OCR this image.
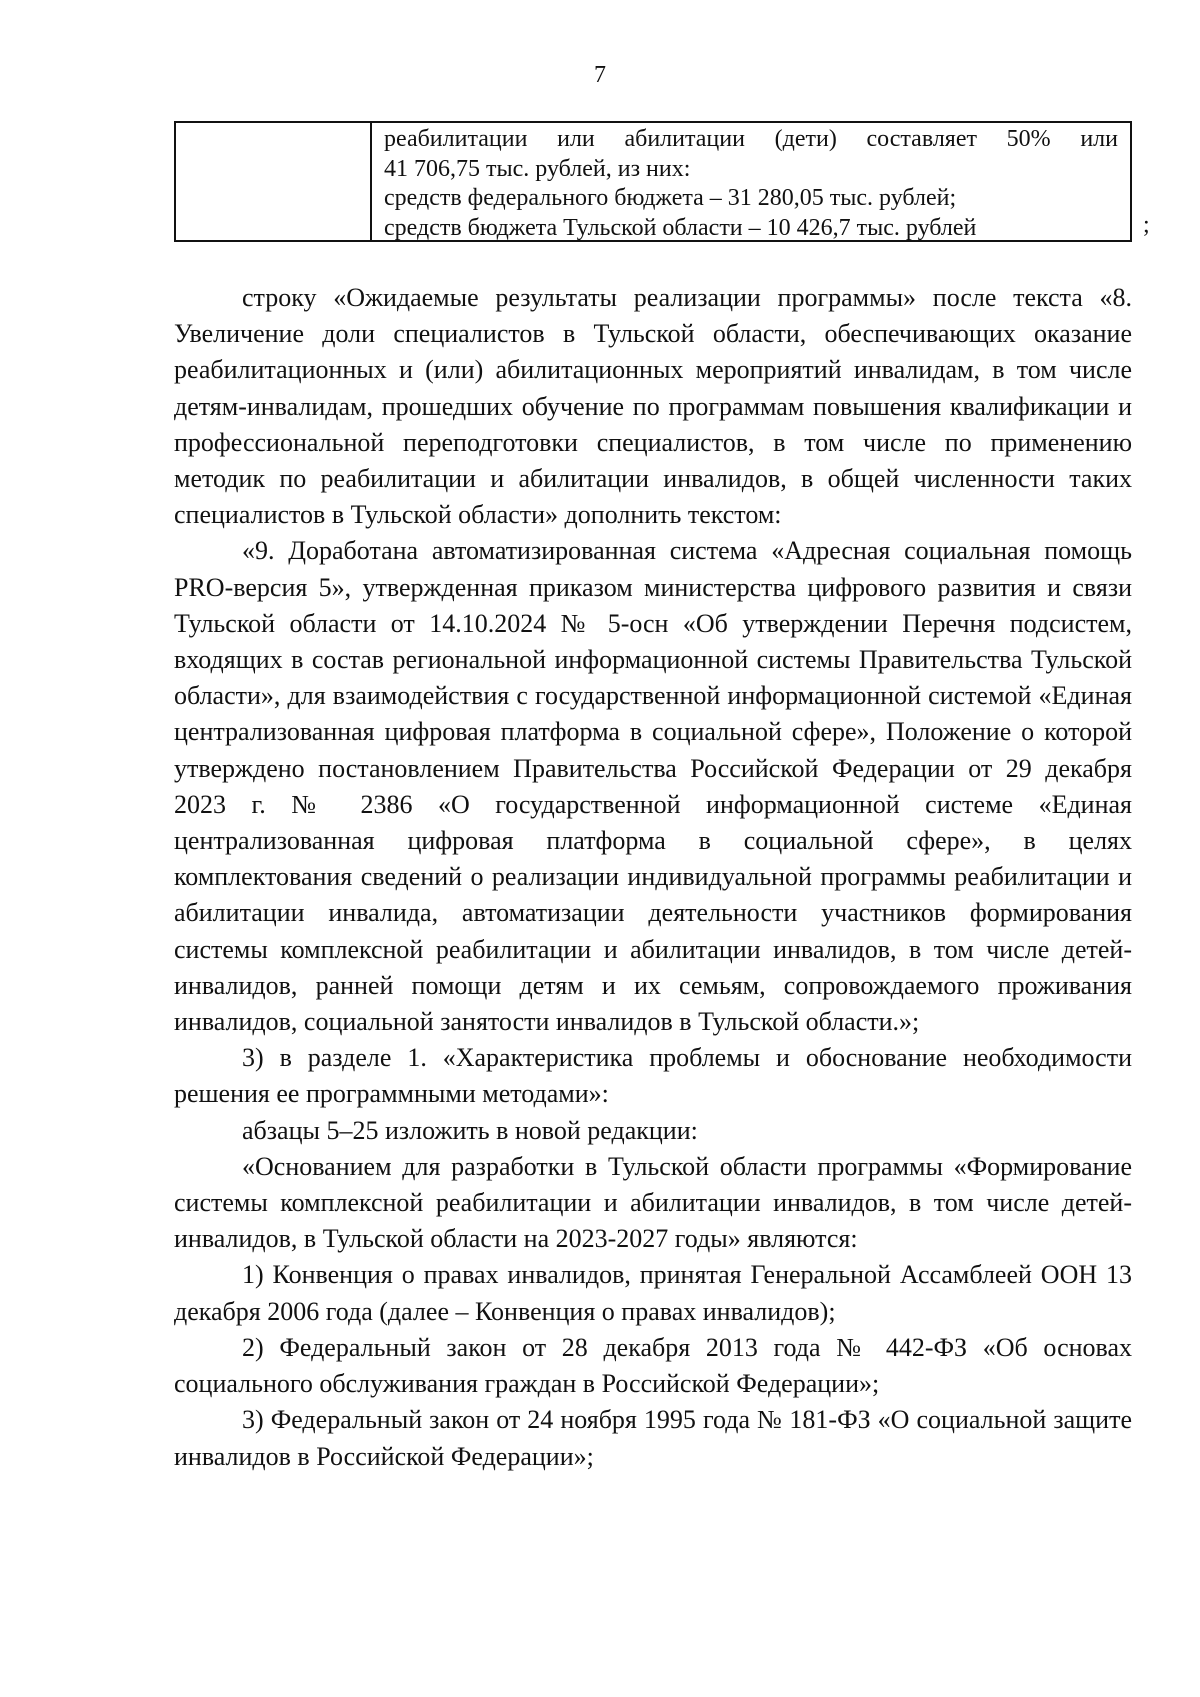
7

реабилитации или абилитации (дети) составляет 50% или

41 706,75 тыс. рублей, из них:

средств федерального бюджета – 31 280,05 тыс. рублей;

средств бюджета Тульской области – 10 426,7 тыс. рублей	;

строку «Ожидаемые результаты реализации программы» после текста «8. Увеличение доли специалистов в Тульской области, обеспечивающих оказание реабилитационных и (или) абилитационных мероприятий инвалидам, в том числе детям-инвалидам, прошедших обучение по программам повышения квалификации и профессиональной переподготовки специалистов, в том числе по применению методик по реабилитации и абилитации инвалидов, в общей численности таких специалистов в Тульской области» дополнить текстом:

«9. Доработана автоматизированная система «Адресная социальная помощь PRO-версия 5», утвержденная приказом министерства цифрового развития и связи Тульской области от 14.10.2024 № 5-осн «Об утверждении Перечня подсистем, входящих в состав региональной информационной системы Правительства Тульской области», для взаимодействия с государственной информационной системой «Единая централизованная цифровая платформа в социальной сфере», Положение о которой утверждено постановлением Правительства Российской Федерации от 29 декабря 2023 г. № 2386 «О государственной информационной системе «Единая централизованная цифровая платформа в социальной сфере», в целях комплектования сведений о реализации индивидуальной программы реабилитации и абилитации инвалида, автоматизации деятельности участников формирования системы комплексной реабилитации и абилитации инвалидов, в том числе детей-инвалидов, ранней помощи детям и их семьям, сопровождаемого проживания инвалидов, социальной занятости инвалидов в Тульской области.»;

3) в разделе 1. «Характеристика проблемы и обоснование необходимости решения ее программными методами»:

абзацы 5–25 изложить в новой редакции:

«Основанием для разработки в Тульской области программы «Формирование системы комплексной реабилитации и абилитации инвалидов, в том числе детей-инвалидов, в Тульской области на 2023-2027 годы» являются:

1) Конвенция о правах инвалидов, принятая Генеральной Ассамблеей ООН 13 декабря 2006 года (далее – Конвенция о правах инвалидов);

2) Федеральный закон от 28 декабря 2013 года № 442-ФЗ «Об основах социального обслуживания граждан в Российской Федерации»;

3) Федеральный закон от 24 ноября 1995 года № 181-ФЗ «О социальной защите инвалидов в Российской Федерации»;
